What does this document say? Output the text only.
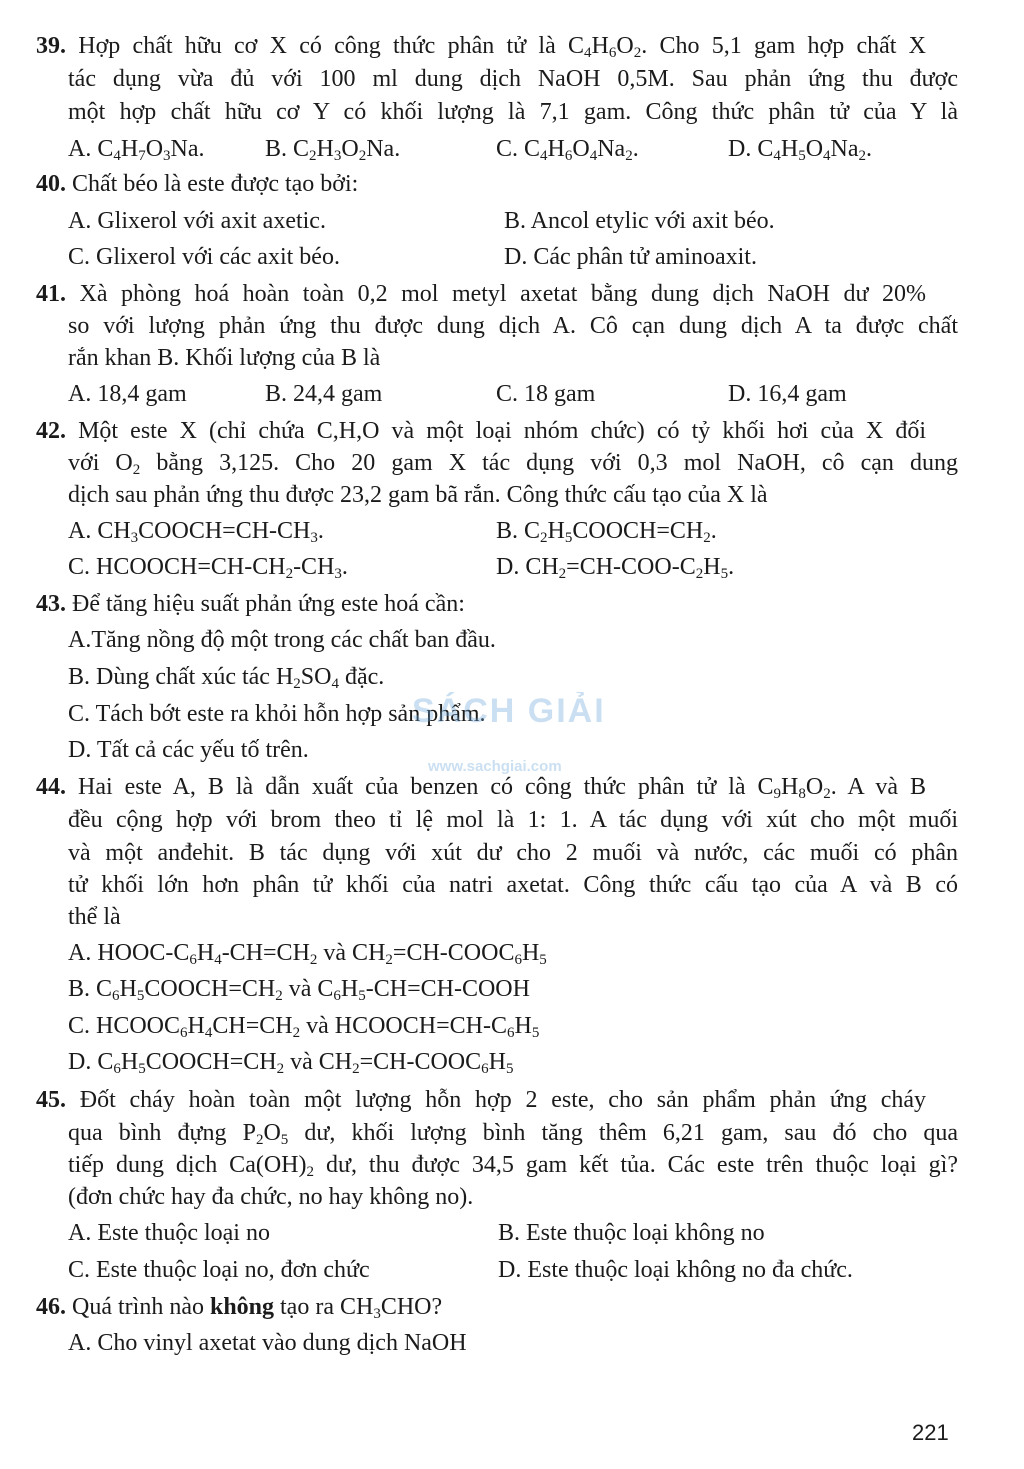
39. Hợp chất hữu cơ X có công thức phân tử là $C_4H_6O_2$. Cho 5,1 gam hợp chất X
tác dụng vừa đủ với 100 ml dung dịch NaOH 0,5M. Sau phản ứng thu được
một hợp chất hữu cơ Y có khối lượng là 7,1 gam. Công thức phân tử của Y là
A. $C_4H_7O_3Na$.	B. $C_2H_3O_2Na$.	C. $C_4H_6O_4Na_2$.	D. $C_4H_5O_4Na_2$.
40. Chất béo là este được tạo bởi:
A. Glixerol với axit axetic.	B. Ancol etylic với axit béo.
C. Glixerol với các axit béo.	D. Các phân tử aminoaxit.
41. Xà phòng hoá hoàn toàn 0,2 mol metyl axetat bằng dung dịch NaOH dư 20%
so với lượng phản ứng thu được dung dịch A. Cô cạn dung dịch A ta được chất
rắn khan B. Khối lượng của B là
A. 18,4 gam	B. 24,4 gam	C. 18 gam	D. 16,4 gam
42. Một este X (chỉ chứa C,H,O và một loại nhóm chức) có tỷ khối hơi của X đối
với $O_2$ bằng 3,125. Cho 20 gam X tác dụng với 0,3 mol NaOH, cô cạn dung
dịch sau phản ứng thu được 23,2 gam bã rắn. Công thức cấu tạo của X là
A. $CH_3COOCH=CH-CH_3$.	B. $C_2H_5COOCH=CH_2$.
C. $HCOOCH=CH-CH_2-CH_3$.	D. $CH_2=CH-COO-C_2H_5$.
43. Để tăng hiệu suất phản ứng este hoá cần:
A.Tăng nồng độ một trong các chất ban đầu.
B. Dùng chất xúc tác $H_2SO_4$ đặc.
C. Tách bớt este ra khỏi hỗn hợp sản phẩm.
D. Tất cả các yếu tố trên.
44. Hai este A, B là dẫn xuất của benzen có công thức phân tử là $C_9H_8O_2$. A và B
đều cộng hợp với brom theo tỉ lệ mol là 1: 1. A tác dụng với xút cho một muối
và một anđehit. B tác dụng với xút dư cho 2 muối và nước, các muối có phân
tử khối lớn hơn phân tử khối của natri axetat. Công thức cấu tạo của A và B có
thể là
A. HOOC-$C_6H_4-CH=CH_2$ và $CH_2=CH-COOC_6H_5$
B. $C_6H_5COOCH=CH_2$ và $C_6H_5-CH=CH$-COOH
C. $HCOOC_6H_4CH=CH_2$ và $HCOOCH=CH-C_6H_5$
D. $C_6H_5COOCH=CH_2$ và $CH_2=CH-COOC_6H_5$
45. Đốt cháy hoàn toàn một lượng hỗn hợp 2 este, cho sản phẩm phản ứng cháy
qua bình đựng $P_2O_5$ dư, khối lượng bình tăng thêm 6,21 gam, sau đó cho qua
tiếp dung dịch $Ca(OH)_2$ dư, thu được 34,5 gam kết tủa. Các este trên thuộc loại gì?
(đơn chức hay đa chức, no hay không no).
A. Este thuộc loại no	B. Este thuộc loại không no
C. Este thuộc loại no, đơn chức	D. Este thuộc loại không no đa chức.
46. Quá trình nào không tạo ra $CH_3CHO$?
A. Cho vinyl axetat vào dung dịch NaOH
SÁCH GIẢI
www.sachgiai.com
221
